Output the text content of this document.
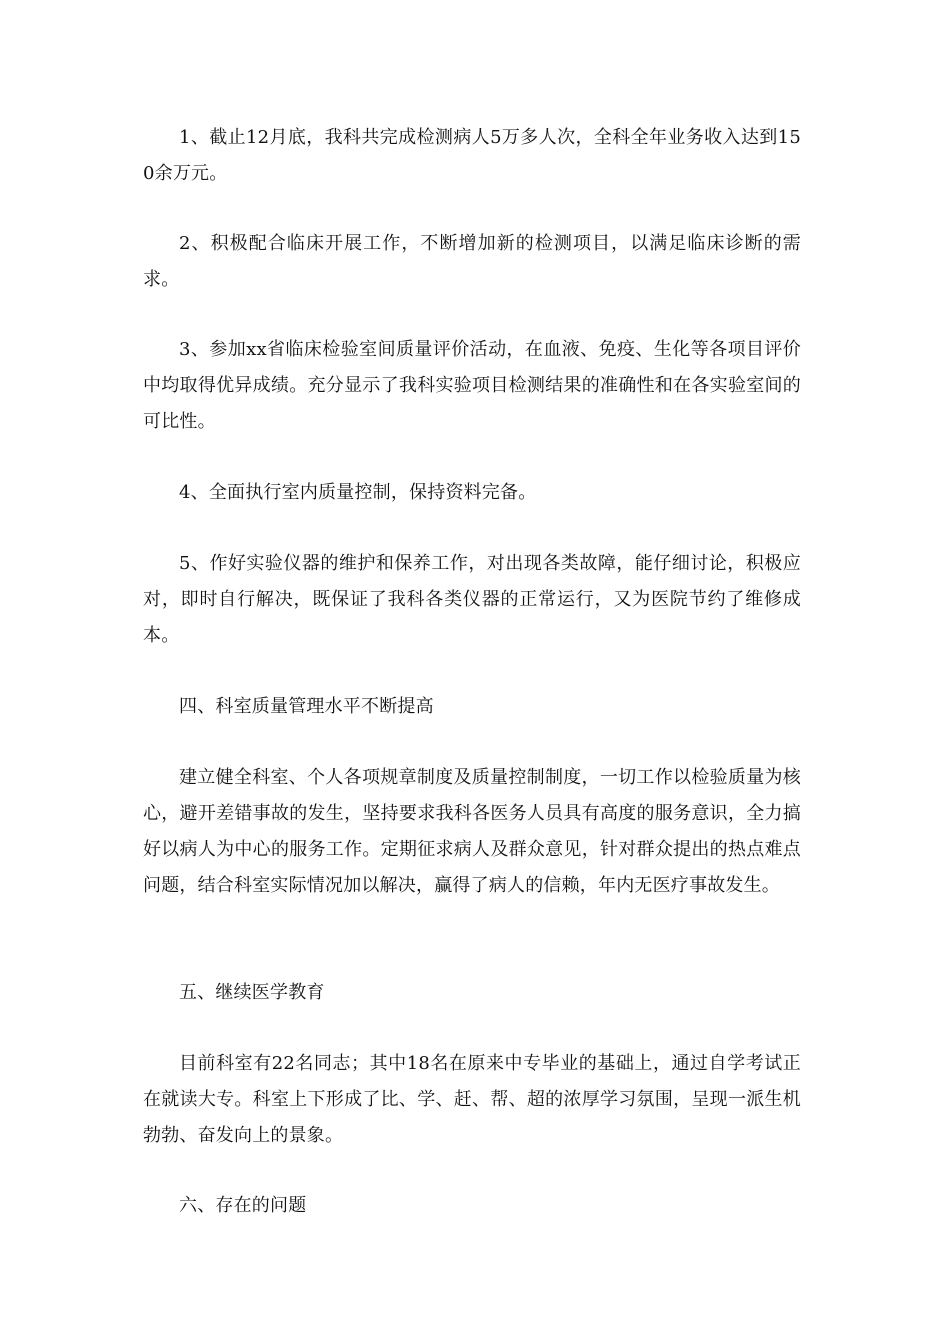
1、截止12月底，我科共完成检测病人5万多人次，全科全年业务收入达到150余万元。

2、积极配合临床开展工作，不断增加新的检测项目，以满足临床诊断的需求。

3、参加xx省临床检验室间质量评价活动，在血液、免疫、生化等各项目评价中均取得优异成绩。充分显示了我科实验项目检测结果的准确性和在各实验室间的可比性。

4、全面执行室内质量控制，保持资料完备。

5、作好实验仪器的维护和保养工作，对出现各类故障，能仔细讨论，积极应对，即时自行解决，既保证了我科各类仪器的正常运行，又为医院节约了维修成本。

四、科室质量管理水平不断提高

建立健全科室、个人各项规章制度及质量控制制度，一切工作以检验质量为核心，避开差错事故的发生，坚持要求我科各医务人员具有高度的服务意识，全力搞好以病人为中心的服务工作。定期征求病人及群众意见，针对群众提出的热点难点问题，结合科室实际情况加以解决，赢得了病人的信赖，年内无医疗事故发生。

五、继续医学教育

目前科室有22名同志；其中18名在原来中专毕业的基础上，通过自学考试正在就读大专。科室上下形成了比、学、赶、帮、超的浓厚学习氛围，呈现一派生机勃勃、奋发向上的景象。

六、存在的问题
